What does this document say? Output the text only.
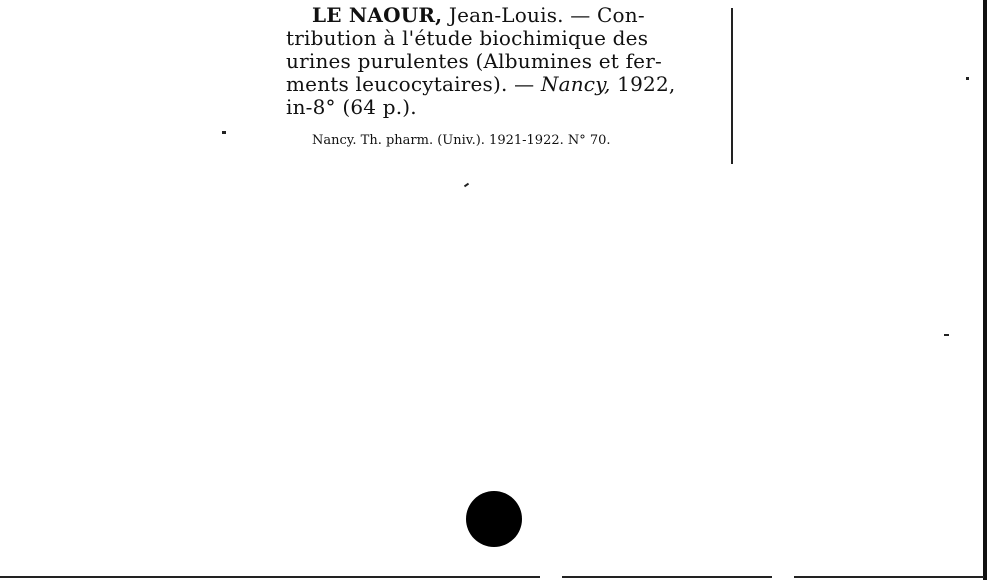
LE NAOUR, Jean-Louis. — Con-
tribution à l'étude biochimique des
urines purulentes (Albumines et fer-
ments leucocytaires). — Nancy, 1922,
in-8° (64 p.).
Nancy. Th. pharm. (Univ.). 1921-1922. N° 70.
